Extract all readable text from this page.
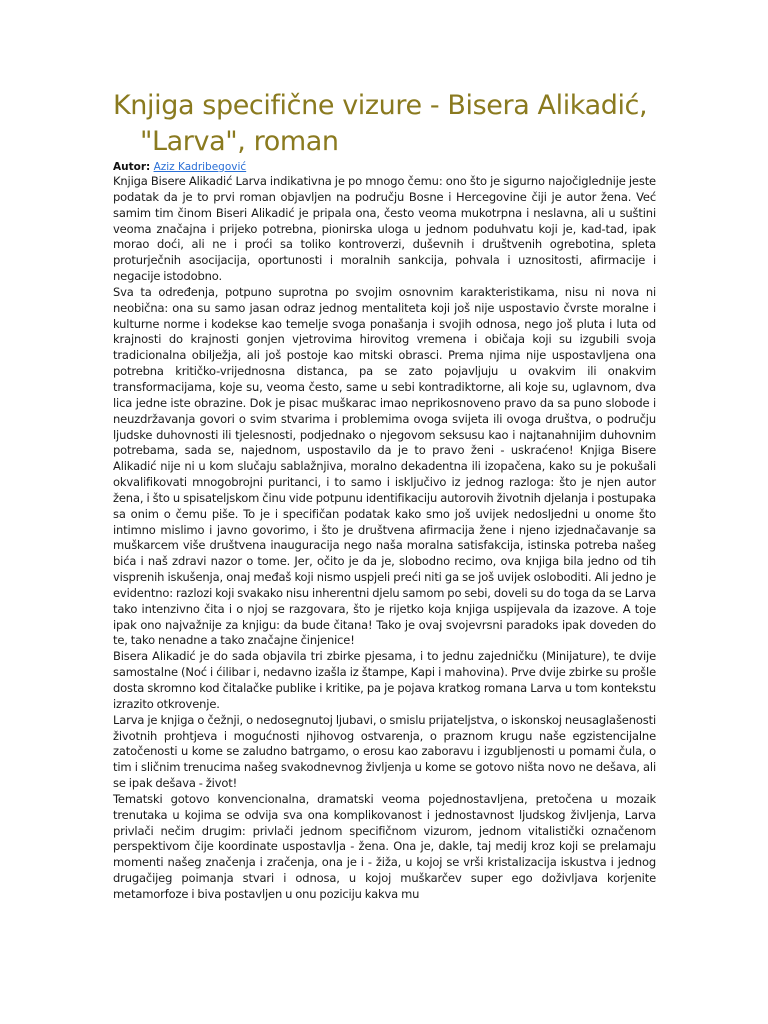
Knjiga specifične vizure - Bisera Alikadić,
"Larva", roman
Autor: Aziz Kadribegović

Knjiga Bisere Alikadić Larva indikativna je po mnogo čemu: ono što je sigurno najočiglednije jeste podatak da je to prvi roman objavljen na području Bosne i Hercegovine čiji je autor žena. Već samim tim činom Biseri Alikadić je pripala ona, često veoma mukotrpna i neslavna, ali u suštini veoma značajna i prijeko potrebna, pionirska uloga u jednom poduhvatu koji je, kad-tad, ipak morao doći, ali ne i proći sa toliko kontroverzi, duševnih i društvenih ogrebotina, spleta proturječnih asocijacija, oportunosti i moralnih sankcija, pohvala i uznositosti, afirmacije i negacije istodobno.

Sva ta određenja, potpuno suprotna po svojim osnovnim karakteristikama, nisu ni nova ni neobična: ona su samo jasan odraz jednog mentaliteta koji još nije uspostavio čvrste moralne i kulturne norme i kodekse kao temelje svoga ponašanja i svojih odnosa, nego još pluta i luta od krajnosti do krajnosti gonjen vjetrovima hirovitog vremena i običaja koji su izgubili svoja tradicionalna obilježja, ali još postoje kao mitski obrasci. Prema njima nije uspostavljena ona potrebna kritičko-vrijednosna distanca, pa se zato pojavljuju u ovakvim ili onakvim transformacijama, koje su, veoma često, same u sebi kontradiktorne, ali koje su, uglavnom, dva lica jedne iste obrazine. Dok je pisac muškarac imao neprikosnoveno pravo da sa puno slobode i neuzdržavanja govori o svim stvarima i problemima ovoga svijeta ili ovoga društva, o području ljudske duhovnosti ili tjelesnosti, podjednako o njegovom seksusu kao i najtanahnijim duhovnim potrebama, sada se, najednom, uspostavilo da je to pravo ženi - uskraćeno! Knjiga Bisere Alikadić nije ni u kom slučaju sablažnjiva, moralno dekadentna ili izopačena, kako su je pokušali okvalifikovati mnogobrojni puritanci, i to samo i isključivo iz jednog razloga: što je njen autor žena, i što u spisateljskom činu vide potpunu identifikaciju autorovih životnih djelanja i postupaka sa onim o čemu piše. To je i specifičan podatak kako smo još uvijek nedosljedni u onome što intimno mislimo i javno govorimo, i što je društvena afirmacija žene i njeno izjednačavanje sa muškarcem više društvena inauguracija nego naša moralna satisfakcija, istinska potreba našeg bića i naš zdravi nazor o tome. Jer, očito je da je, slobodno recimo, ova knjiga bila jedno od tih visprenih iskušenja, onaj međaš koji nismo uspjeli preći niti ga se još uvijek osloboditi. Ali jedno je evidentno: razlozi koji svakako nisu inherentni djelu samom po sebi, doveli su do toga da se Larva tako intenzivno čita i o njoj se razgovara, što je rijetko koja knjiga uspijevala da izazove. A toje ipak ono najvažnije za knjigu: da bude čitana! Tako je ovaj svojevrsni paradoks ipak doveden do te, tako nenadne a tako značajne činjenice!

Bisera Alikadić je do sada objavila tri zbirke pjesama, i to jednu zajedničku (Minijature), te dvije samostalne (Noć i ćilibar i, nedavno izašla iz štampe, Kapi i mahovina). Prve dvije zbirke su prošle dosta skromno kod čitalačke publike i kritike, pa je pojava kratkog romana Larva u tom kontekstu izrazito otkrovenje.

Larva je knjiga o čežnji, o nedosegnutoj ljubavi, o smislu prijateljstva, o iskonskoj neusaglašenosti životnih prohtjeva i mogućnosti njihovog ostvarenja, o praznom krugu naše egzistencijalne zatočenosti u kome se zaludno batrgamo, o erosu kao zaboravu i izgubljenosti u pomami čula, o tim i sličnim trenucima našeg svakodnevnog življenja u kome se gotovo ništa novo ne dešava, ali se ipak dešava - život!

Tematski gotovo konvencionalna, dramatski veoma pojednostavljena, pretočena u mozaik trenutaka u kojima se odvija sva ona komplikovanost i jednostavnost ljudskog življenja, Larva privlači nečim drugim: privlači jednom specifičnom vizurom, jednom vitalistički označenom perspektivom čije koordinate uspostavlja - žena. Ona je, dakle, taj medij kroz koji se prelamaju momenti našeg značenja i zračenja, ona je i - žiža, u kojoj se vrši kristalizacija iskustva i jednog drugačijeg poimanja stvari i odnosa, u kojoj muškarčev super ego doživljava korjenite metamorfoze i biva postavljen u onu poziciju kakva mu
